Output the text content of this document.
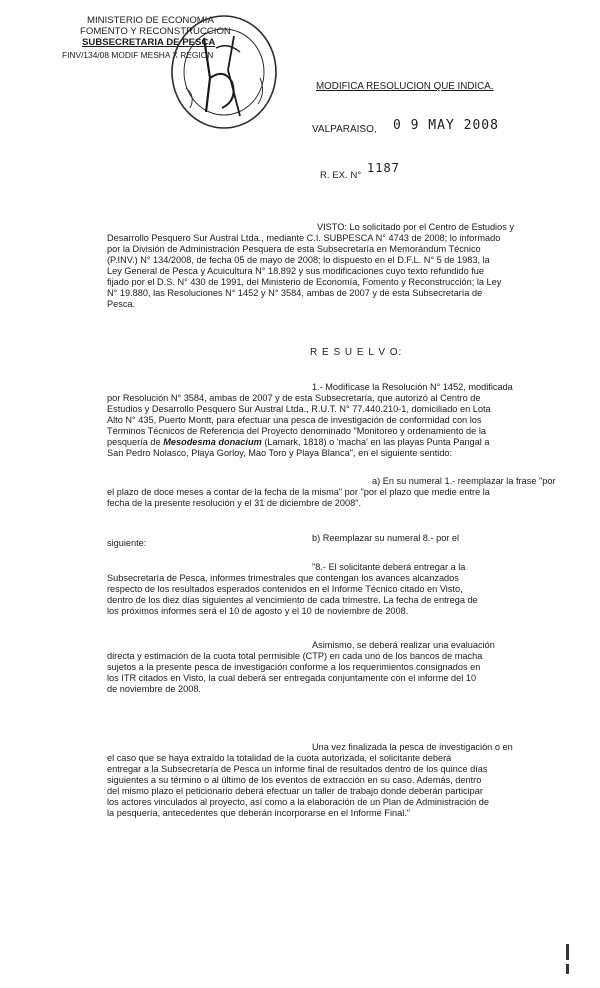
MINISTERIO DE ECONOMIA
FOMENTO Y RECONSTRUCCION
SUBSECRETARIA DE PESCA
FINV/134/08 MODIF MESHA X REGION
MODIFICA RESOLUCION QUE INDICA.
VALPARAISO, 0 9 MAY 2008
R. EX. N°
1187
VISTO: Lo solicitado por el Centro de Estudios y
Desarrollo Pesquero Sur Austral Ltda., mediante C.I. SUBPESCA N° 4743 de 2008; lo informado
por la División de Administración Pesquera de esta Subsecretaría en Memorándum Técnico
(P.INV.) N° 134/2008, de fecha 05 de mayo de 2008; lo dispuesto en el D.F.L. N° 5 de 1983, la
Ley General de Pesca y Acuicultura N° 18.892 y sus modificaciones cuyo texto refundido fue
fijado por el D.S. N° 430 de 1991, del Ministerio de Economía, Fomento y Reconstrucción; la Ley
N° 19.880, las Resoluciones N° 1452 y N° 3584, ambas de 2007 y de esta Subsecretaría de
Pesca.
R E S U E L V O:
1.- Modifícase la Resolución N° 1452, modificada
por Resolución N° 3584, ambas de 2007 y de esta Subsecretaría, que autorizó al Centro de
Estudios y Desarrollo Pesquero Sur Austral Ltda., R.U.T. N° 77.440.210-1, domiciliado en Lota
Alto N° 435, Puerto Montt, para efectuar una pesca de investigación de conformidad con los
Términos Técnicos de Referencia del Proyecto denominado "Monitoreo y ordenamiento de la
pesquería de Mesodesma donacium (Lamark, 1818) o 'macha' en las playas Punta Pangal a
San Pedro Nolasco, Playa Gorloy, Mao Toro y Playa Blanca", en el siguiente sentido:
a) En su numeral 1.- reemplazar la frase "por
el plazo de doce meses a contar de la fecha de la misma" por "por el plazo que medie entre la
fecha de la presente resolución y el 31 de diciembre de 2008".
b) Reemplazar su numeral 8.- por el
siguiente:
"8.- El solicitante deberá entregar a la
Subsecretaría de Pesca, informes trimestrales que contengan los avances alcanzados
respecto de los resultados esperados contenidos en el Informe Técnico citado en Visto,
dentro de los diez días siguientes al vencimiento de cada trimestre. La fecha de entrega de
los próximos informes será el 10 de agosto y el 10 de noviembre de 2008.
Asimismo, se deberá realizar una evaluación
directa y estimación de la cuota total permisible (CTP) en cada uno de los bancos de macha
sujetos a la presente pesca de investigación conforme a los requerimientos consignados en
los ITR citados en Visto, la cual deberá ser entregada conjuntamente con el informe del 10
de noviembre de 2008.
Una vez finalizada la pesca de investigación o en
el caso que se haya extraído la totalidad de la cuota autorizada, el solicitante deberá
entregar a la Subsecretaría de Pesca un informe final de resultados dentro de los quince días
siguientes a su término o al último de los eventos de extracción en su caso. Además, dentro
del mismo plazo el peticionario deberá efectuar un taller de trabajo donde deberán participar
los actores vinculados al proyecto, así como a la elaboración de un Plan de Administración de
la pesquería, antecedentes que deberán incorporarse en el Informe Final."
